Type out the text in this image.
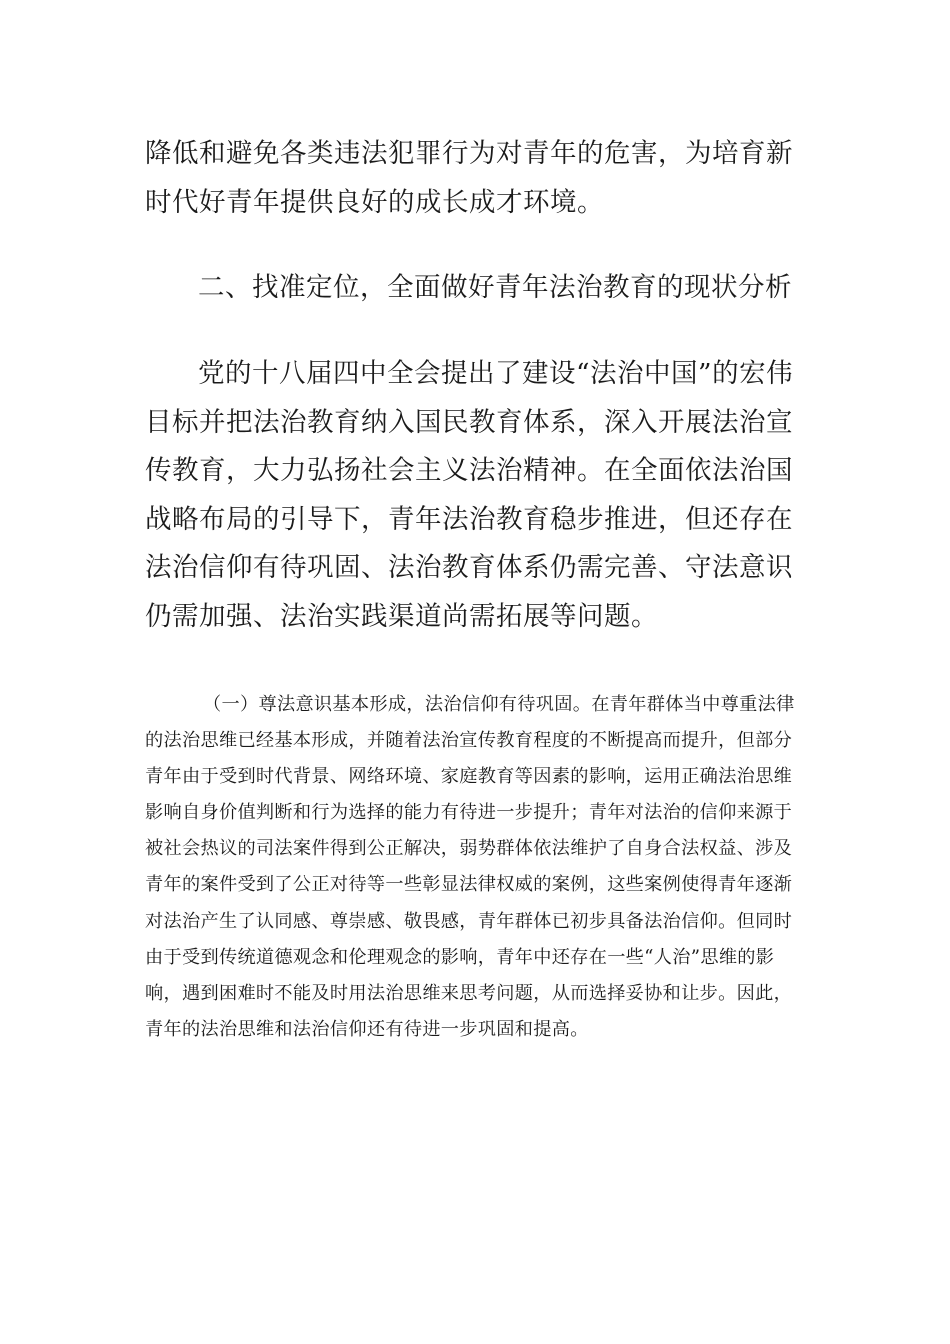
降低和避免各类违法犯罪行为对青年的危害，为培育新时代好青年提供良好的成长成才环境。

二、找准定位，全面做好青年法治教育的现状分析

党的十八届四中全会提出了建设“法治中国”的宏伟目标并把法治教育纳入国民教育体系，深入开展法治宣传教育，大力弘扬社会主义法治精神。在全面依法治国战略布局的引导下，青年法治教育稳步推进，但还存在法治信仰有待巩固、法治教育体系仍需完善、守法意识仍需加强、法治实践渠道尚需拓展等问题。

（一）尊法意识基本形成，法治信仰有待巩固。在青年群体当中尊重法律的法治思维已经基本形成，并随着法治宣传教育程度的不断提高而提升，但部分青年由于受到时代背景、网络环境、家庭教育等因素的影响，运用正确法治思维影响自身价值判断和行为选择的能力有待进一步提升；青年对法治的信仰来源于被社会热议的司法案件得到公正解决，弱势群体依法维护了自身合法权益、涉及青年的案件受到了公正对待等一些彰显法律权威的案例，这些案例使得青年逐渐对法治产生了认同感、尊崇感、敬畏感，青年群体已初步具备法治信仰。但同时由于受到传统道德观念和伦理观念的影响，青年中还存在一些“人治”思维的影响，遇到困难时不能及时用法治思维来思考问题，从而选择妥协和让步。因此，青年的法治思维和法治信仰还有待进一步巩固和提高。
